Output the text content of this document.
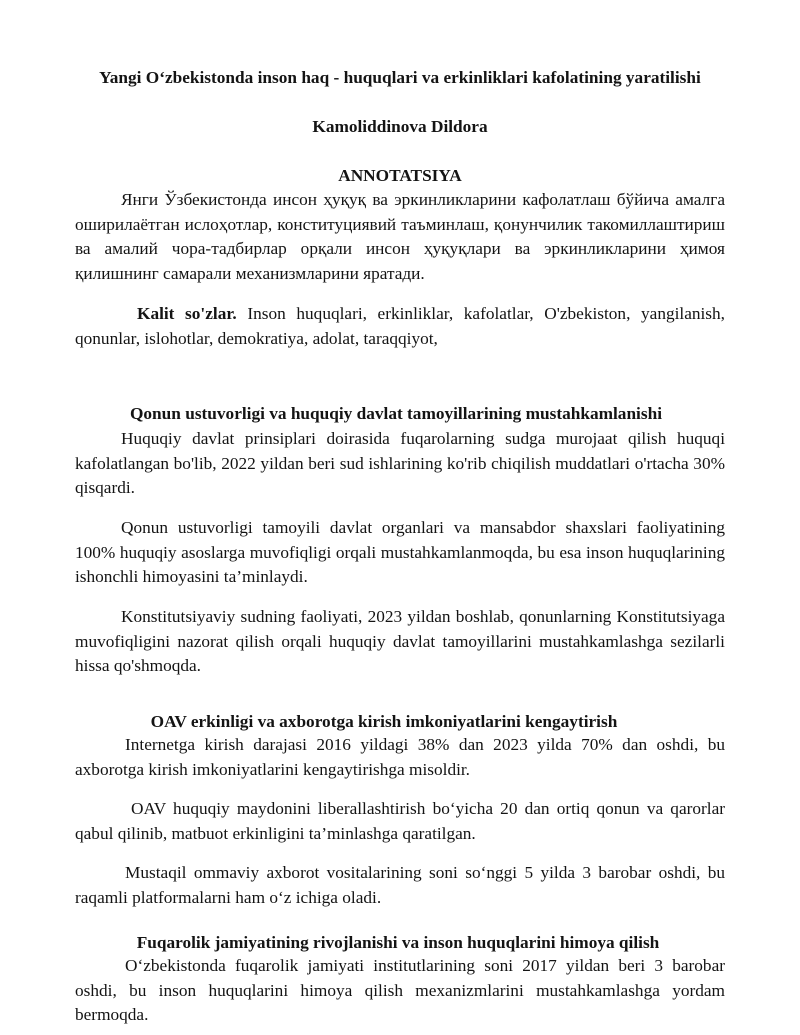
Yangi O‘zbekistonda inson haq - huquqlari va erkinliklari kafolatining yaratilishi
Kamoliddinova Dildora
ANNOTATSIYA

Янги Ўзбекистонда инсон ҳуқуқ ва эркинликларини кафолатлаш бўйича амалга оширилаётган ислоҳотлар, конституциявий таъминлаш, қонунчилик такомиллаштириш ва амалий чора-тадбирлар орқали инсон ҳуқуқлари ва эркинликларини ҳимоя қилишнинг самарали механизмларини яратади.

Kalit so'zlar. Inson huquqlari, erkinliklar, kafolatlar, O'zbekiston, yangilanish, qonunlar, islohotlar, demokratiya, adolat, taraqqiyot,

Qonun ustuvorligi va huquqiy davlat tamoyillarining mustahkamlanishi

Huquqiy davlat prinsiplari doirasida fuqarolarning sudga murojaat qilish huquqi kafolatlangan bo'lib, 2022 yildan beri sud ishlarining ko'rib chiqilish muddatlari o'rtacha 30% qisqardi.

Qonun ustuvorligi tamoyili davlat organlari va mansabdor shaxslari faoliyatining 100% huquqiy asoslarga muvofiqligi orqali mustahkamlanmoqda, bu esa inson huquqlarining ishonchli himoyasini ta’minlaydi.

Konstitutsiyaviy sudning faoliyati, 2023 yildan boshlab, qonunlarning Konstitutsiyaga muvofiqligini nazorat qilish orqali huquqiy davlat tamoyillarini mustahkamlashga sezilarli hissa qo'shmoqda.

OAV erkinligi va axborotga kirish imkoniyatlarini kengaytirish

Internetga kirish darajasi 2016 yildagi 38% dan 2023 yilda 70% dan oshdi, bu axborotga kirish imkoniyatlarini kengaytirishga misoldir.

OAV huquqiy maydonini liberallashtirish bo‘yicha 20 dan ortiq qonun va qarorlar qabul qilinib, matbuot erkinligini ta’minlashga qaratilgan.

Mustaqil ommaviy axborot vositalarining soni so‘nggi 5 yilda 3 barobar oshdi, bu raqamli platformalarni ham o‘z ichiga oladi.

Fuqarolik jamiyatining rivojlanishi va inson huquqlarini himoya qilish

O‘zbekistonda fuqarolik jamiyati institutlarining soni 2017 yildan beri 3 barobar oshdi, bu inson huquqlarini himoya qilish mexanizmlarini mustahkamlashga yordam bermoqda.
